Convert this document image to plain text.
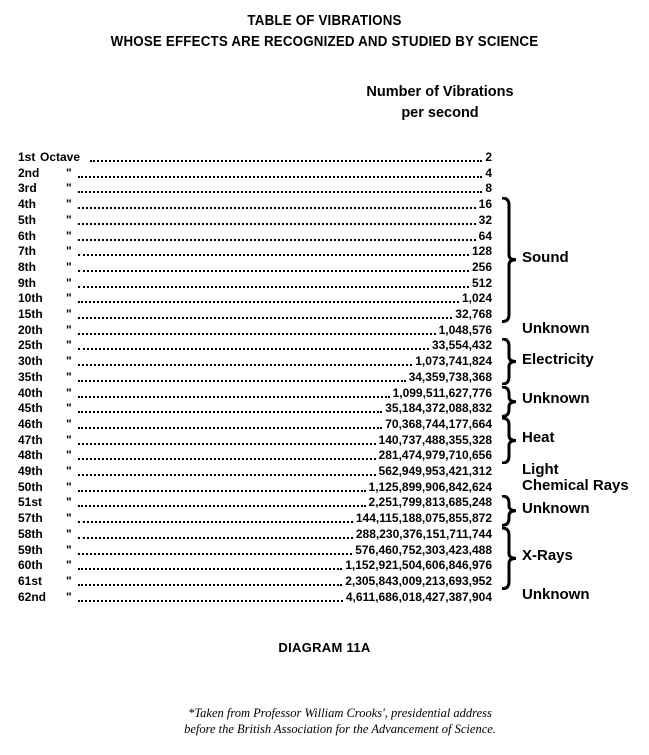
TABLE OF VIBRATIONS
WHOSE EFFECTS ARE RECOGNIZED AND STUDIED BY SCIENCE
Number of Vibrations
per second
1st Octave	2
2nd "	4
3rd "	8
4th	"	16
5th	"	32
6th	"	64
7th	"	128
8th	"	256
9th	"	512
10th "	1,024
15th "	32,768
20th "	1,048,576
25th "	33,554,432
30th "	1,073,741,824
35th "	34,359,738,368
40th "	1,099,511,627,776
45th "	35,184,372,088,832
46th "	70,368,744,177,664
47th "	140,737,488,355,328
48th "	281,474,979,710,656
49th "	562,949,953,421,312
50th "	1,125,899,906,842,624
51st "	2,251,799,813,685,248
57th "	144,115,188,075,855,872
58th "	288,230,376,151,711,744
59th "	576,460,752,303,423,488
60th "	1,152,921,504,606,846,976
61st "	2,305,843,009,213,693,952
62nd "	4,611,686,018,427,387,904
Sound
Unknown
Electricity
Unknown
Heat
Light
Chemical Rays
Unknown
X-Rays
Unknown
DIAGRAM 11A
*Taken from Professor William Crooks', presidential address
before the British Association for the Advancement of Science.
